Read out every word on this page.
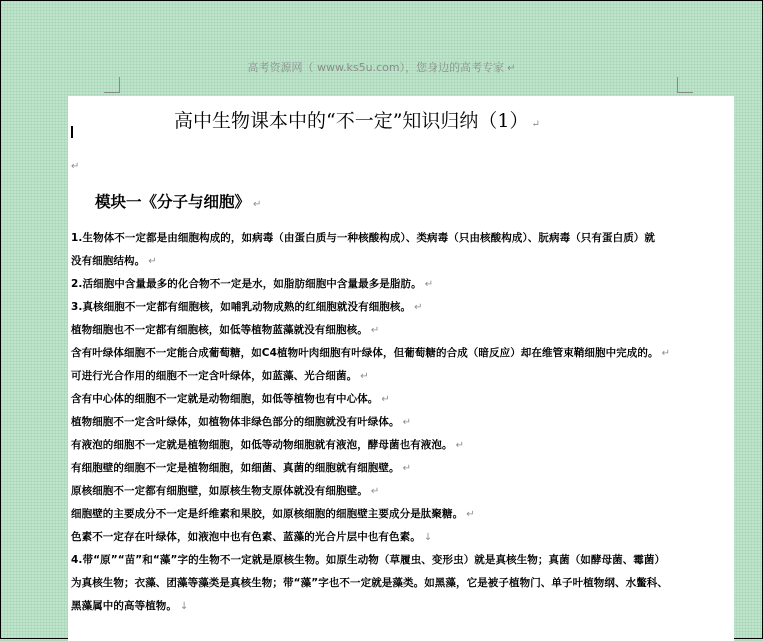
高考资源网（ www.ks5u.com），您身边的高考专家 ↵
高中生物课本中的“不一定”知识归纳（1） ↵
↵
模块一《分子与细胞》 ↵
1.生物体不一定都是由细胞构成的，如病毒（由蛋白质与一种核酸构成）、类病毒（只由核酸构成）、朊病毒（只有蛋白质）就
没有细胞结构。 ↵
2.活细胞中含量最多的化合物不一定是水，如脂肪细胞中含量最多是脂肪。 ↵
3.真核细胞不一定都有细胞核，如哺乳动物成熟的红细胞就没有细胞核。 ↵
植物细胞也不一定都有细胞核，如低等植物蓝藻就没有细胞核。 ↵
含有叶绿体细胞不一定能合成葡萄糖，如C4植物叶肉细胞有叶绿体，但葡萄糖的合成（暗反应）却在维管束鞘细胞中完成的。 ↵
可进行光合作用的细胞不一定含叶绿体，如蓝藻、光合细菌。 ↵
含有中心体的细胞不一定就是动物细胞，如低等植物也有中心体。 ↵
植物细胞不一定含叶绿体，如植物体非绿色部分的细胞就没有叶绿体。 ↵
有液泡的细胞不一定就是植物细胞，如低等动物细胞就有液泡，酵母菌也有液泡。 ↵
有细胞壁的细胞不一定是植物细胞，如细菌、真菌的细胞就有细胞壁。 ↵
原核细胞不一定都有细胞壁，如原核生物支原体就没有细胞壁。 ↵
细胞壁的主要成分不一定是纤维素和果胶，如原核细胞的细胞壁主要成分是肽聚糖。 ↵
色素不一定存在叶绿体，如液泡中也有色素、蓝藻的光合片层中也有色素。 ↓
4.带“原”“苗”和“藻”字的生物不一定就是原核生物。如原生动物（草履虫、变形虫）就是真核生物；真菌（如酵母菌、霉菌）
为真核生物；衣藻、团藻等藻类是真核生物；带“藻”字也不一定就是藻类。如黑藻，它是被子植物门、单子叶植物纲、水鳖科、
黑藻属中的高等植物。 ↓
